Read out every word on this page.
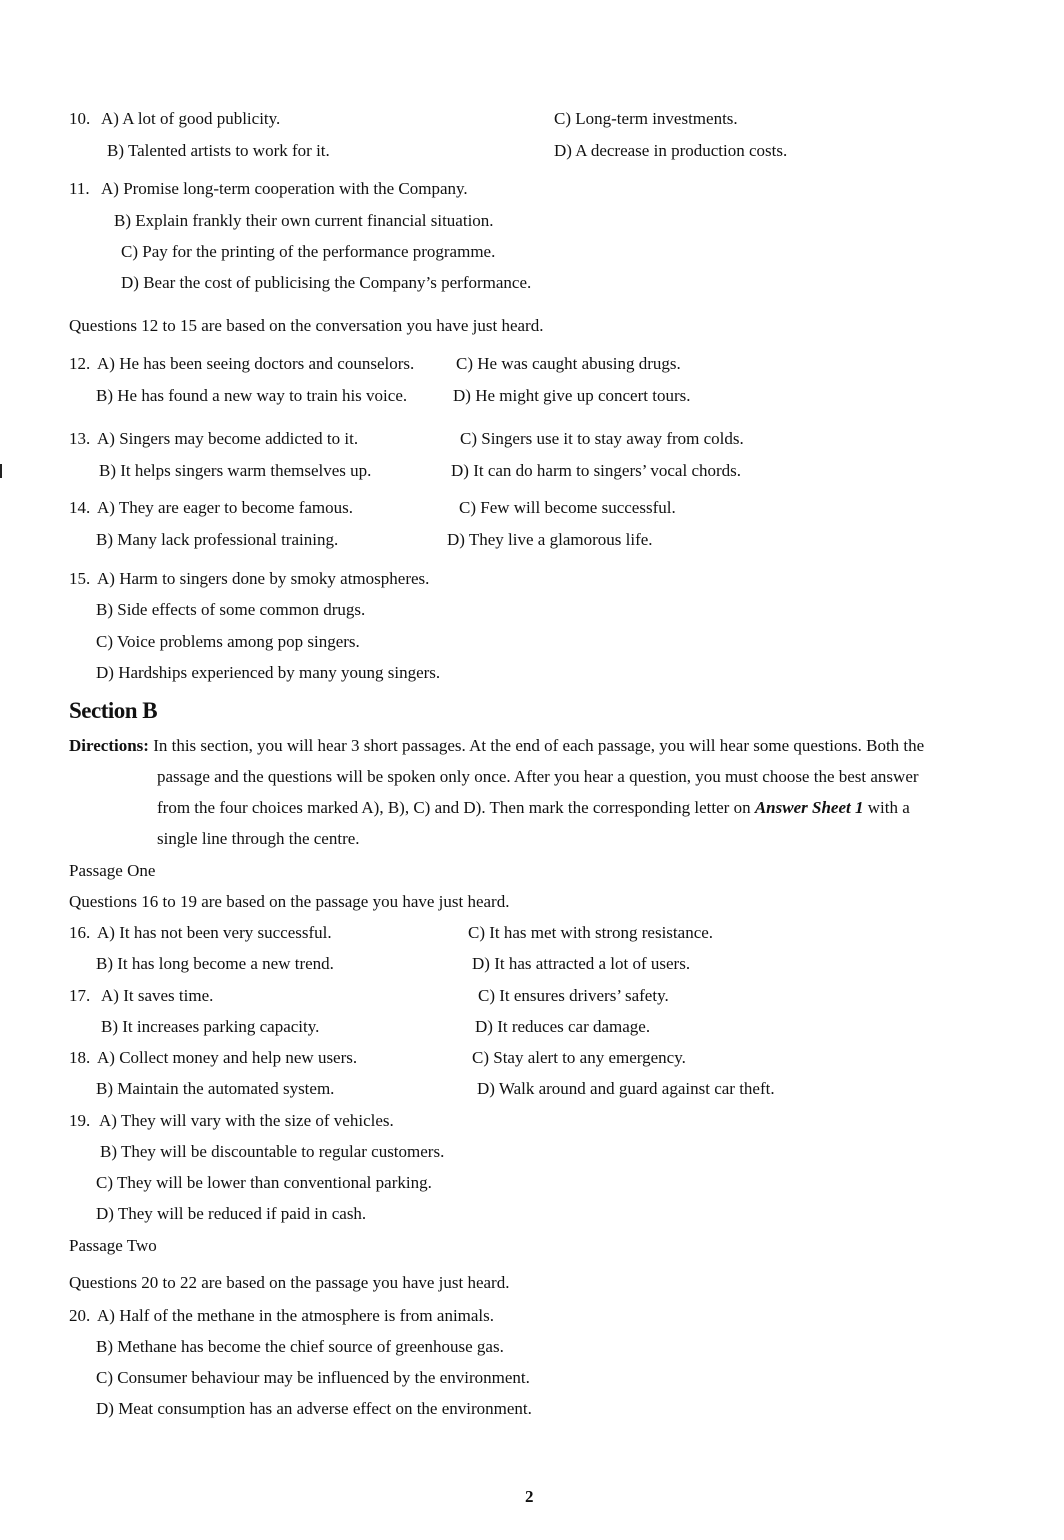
10. A) A lot of good publicity.	C) Long-term investments.
B) Talented artists to work for it.	D) A decrease in production costs.
11. A) Promise long-term cooperation with the Company.
B) Explain frankly their own current financial situation.
C) Pay for the printing of the performance programme.
D) Bear the cost of publicising the Company’s performance.
Questions 12 to 15 are based on the conversation you have just heard.
12. A) He has been seeing doctors and counselors. C) He was caught abusing drugs.
B) He has found a new way to train his voice.	D) He might give up concert tours.
13. A) Singers may become addicted to it.	C) Singers use it to stay away from colds.
B) It helps singers warm themselves up.	D) It can do harm to singers’ vocal chords.
14. A) They are eager to become famous.	C) Few will become successful.
B) Many lack professional training.	D) They live a glamorous life.
15. A) Harm to singers done by smoky atmospheres.
B) Side effects of some common drugs.
C) Voice problems among pop singers.
D) Hardships experienced by many young singers.
Section B
Directions: In this section, you will hear 3 short passages. At the end of each passage, you will hear some questions. Both the
passage and the questions will be spoken only once. After you hear a question, you must choose the best answer
from the four choices marked A), B), C) and D). Then mark the corresponding letter on Answer Sheet 1 with a
single line through the centre.
Passage One
Questions 16 to 19 are based on the passage you have just heard.
16. A) It has not been very successful.	C) It has met with strong resistance.
B) It has long become a new trend.	D) It has attracted a lot of users.
17. A) It saves time.	C) It ensures drivers’ safety.
B) It increases parking capacity.	D) It reduces car damage.
18. A) Collect money and help new users.	C) Stay alert to any emergency.
B) Maintain the automated system.	D) Walk around and guard against car theft.
19. A) They will vary with the size of vehicles.
B) They will be discountable to regular customers.
C) They will be lower than conventional parking.
D) They will be reduced if paid in cash.
Passage Two
Questions 20 to 22 are based on the passage you have just heard.
20. A) Half of the methane in the atmosphere is from animals.
B) Methane has become the chief source of greenhouse gas.
C) Consumer behaviour may be influenced by the environment.
D) Meat consumption has an adverse effect on the environment.
2
